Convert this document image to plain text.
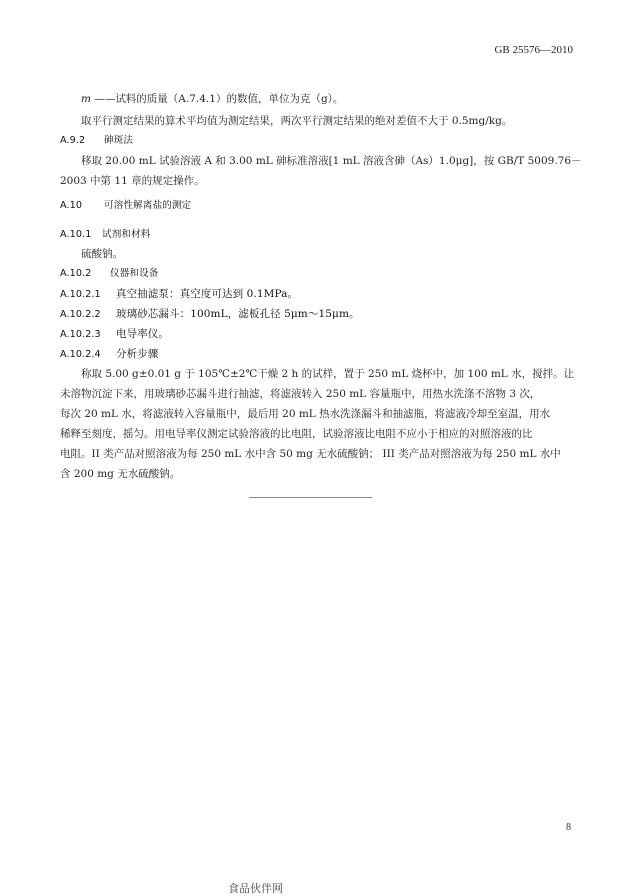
GB 25576—2010
m ——试料的质量（A.7.4.1）的数值，单位为克（g）。
取平行测定结果的算术平均值为测定结果，两次平行测定结果的绝对差值不大于 0.5mg/kg。
A.9.2 砷斑法
移取 20.00 mL 试验溶液 A 和 3.00 mL 砷标准溶液[1 mL 溶液含砷（As）1.0μg]，按 GB/T 5009.76－
2003 中第 11 章的规定操作。
A.10 可溶性解离盐的测定
A.10.1 试剂和材料
硫酸钠。
A.10.2 仪器和设备
A.10.2.1 真空抽滤泵：真空度可达到 0.1MPa。
A.10.2.2 玻璃砂芯漏斗：100mL，滤板孔径 5μm～15μm。
A.10.2.3 电导率仪。
A.10.2.4 分析步骤
称取 5.00 g±0.01 g 于 105℃±2℃干燥 2 h 的试样，置于 250 mL 烧杯中，加 100 mL 水，搅拌。让
未溶物沉淀下来，用玻璃砂芯漏斗进行抽滤，将滤液转入 250 mL 容量瓶中，用热水洗涤不溶物 3 次，
每次 20 mL 水，将滤液转入容量瓶中，最后用 20 mL 热水洗涤漏斗和抽滤瓶，将滤液冷却至室温，用水
稀释至刻度，摇匀。用电导率仪测定试验溶液的比电阻，试验溶液比电阻不应小于相应的对照溶液的比
电阻。II 类产品对照溶液为每 250 mL 水中含 50 mg 无水硫酸钠； III 类产品对照溶液为每 250 mL 水中
含 200 mg 无水硫酸钠。
8
食品伙伴网
